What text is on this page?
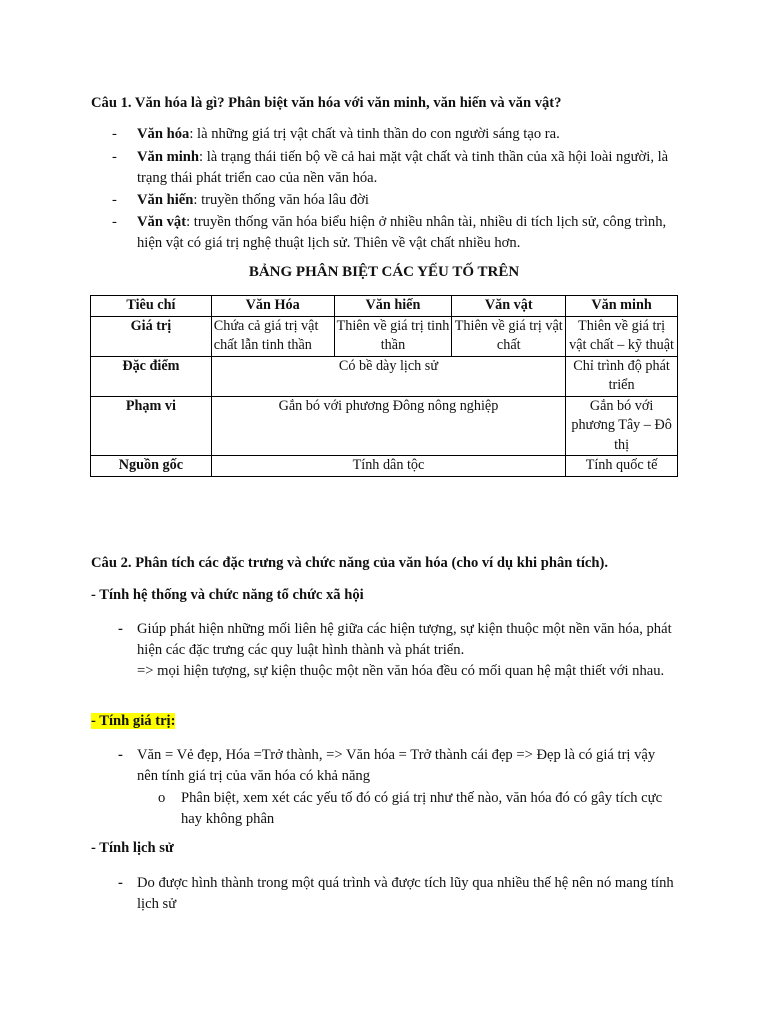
Câu 1. Văn hóa là gì? Phân biệt văn hóa với văn minh, văn hiến và văn vật?
- Văn hóa: là những giá trị vật chất và tinh thần do con người sáng tạo ra.
- Văn minh: là trạng thái tiến bộ về cả hai mặt vật chất và tinh thần của xã hội loài người, là trạng thái phát triển cao của nền văn hóa.
- Văn hiến: truyền thống văn hóa lâu đời
- Văn vật: truyền thống văn hóa biểu hiện ở nhiều nhân tài, nhiều di tích lịch sử, công trình, hiện vật có giá trị nghệ thuật lịch sử. Thiên về vật chất nhiều hơn.
BẢNG PHÂN BIỆT CÁC YẾU TỐ TRÊN
Tiêu chí	Văn Hóa	Văn hiến	Văn vật	Văn minh
Giá trị	Chứa cả giá trị vật chất lẫn tinh thần	Thiên về giá trị tinh thần	Thiên về giá trị vật chất	Thiên về giá trị vật chất – kỹ thuật
Đặc điểm	Có bề dày lịch sử			Chỉ trình độ phát triển
Phạm vi	Gắn bó với phương Đông nông nghiệp			Gắn bó với phương Tây – Đô thị
Nguồn gốc	Tính dân tộc			Tính quốc tế
Câu 2. Phân tích các đặc trưng và chức năng của văn hóa (cho ví dụ khi phân tích).
- Tính hệ thống và chức năng tổ chức xã hội
- Giúp phát hiện những mối liên hệ giữa các hiện tượng, sự kiện thuộc một nền văn hóa, phát hiện các đặc trưng các quy luật hình thành và phát triển.
=> mọi hiện tượng, sự kiện thuộc một nền văn hóa đều có mối quan hệ mật thiết với nhau.
- Tính giá trị:
- Văn = Vẻ đẹp, Hóa =Trở thành, => Văn hóa = Trở thành cái đẹp => Đẹp là có giá trị vậy nên tính giá trị của văn hóa có khả năng
o Phân biệt, xem xét các yếu tố đó có giá trị như thế nào, văn hóa đó có gây tích cực hay không phân
- Tính lịch sử
- Do được hình thành trong một quá trình và được tích lũy qua nhiều thế hệ nên nó mang tính lịch sử
